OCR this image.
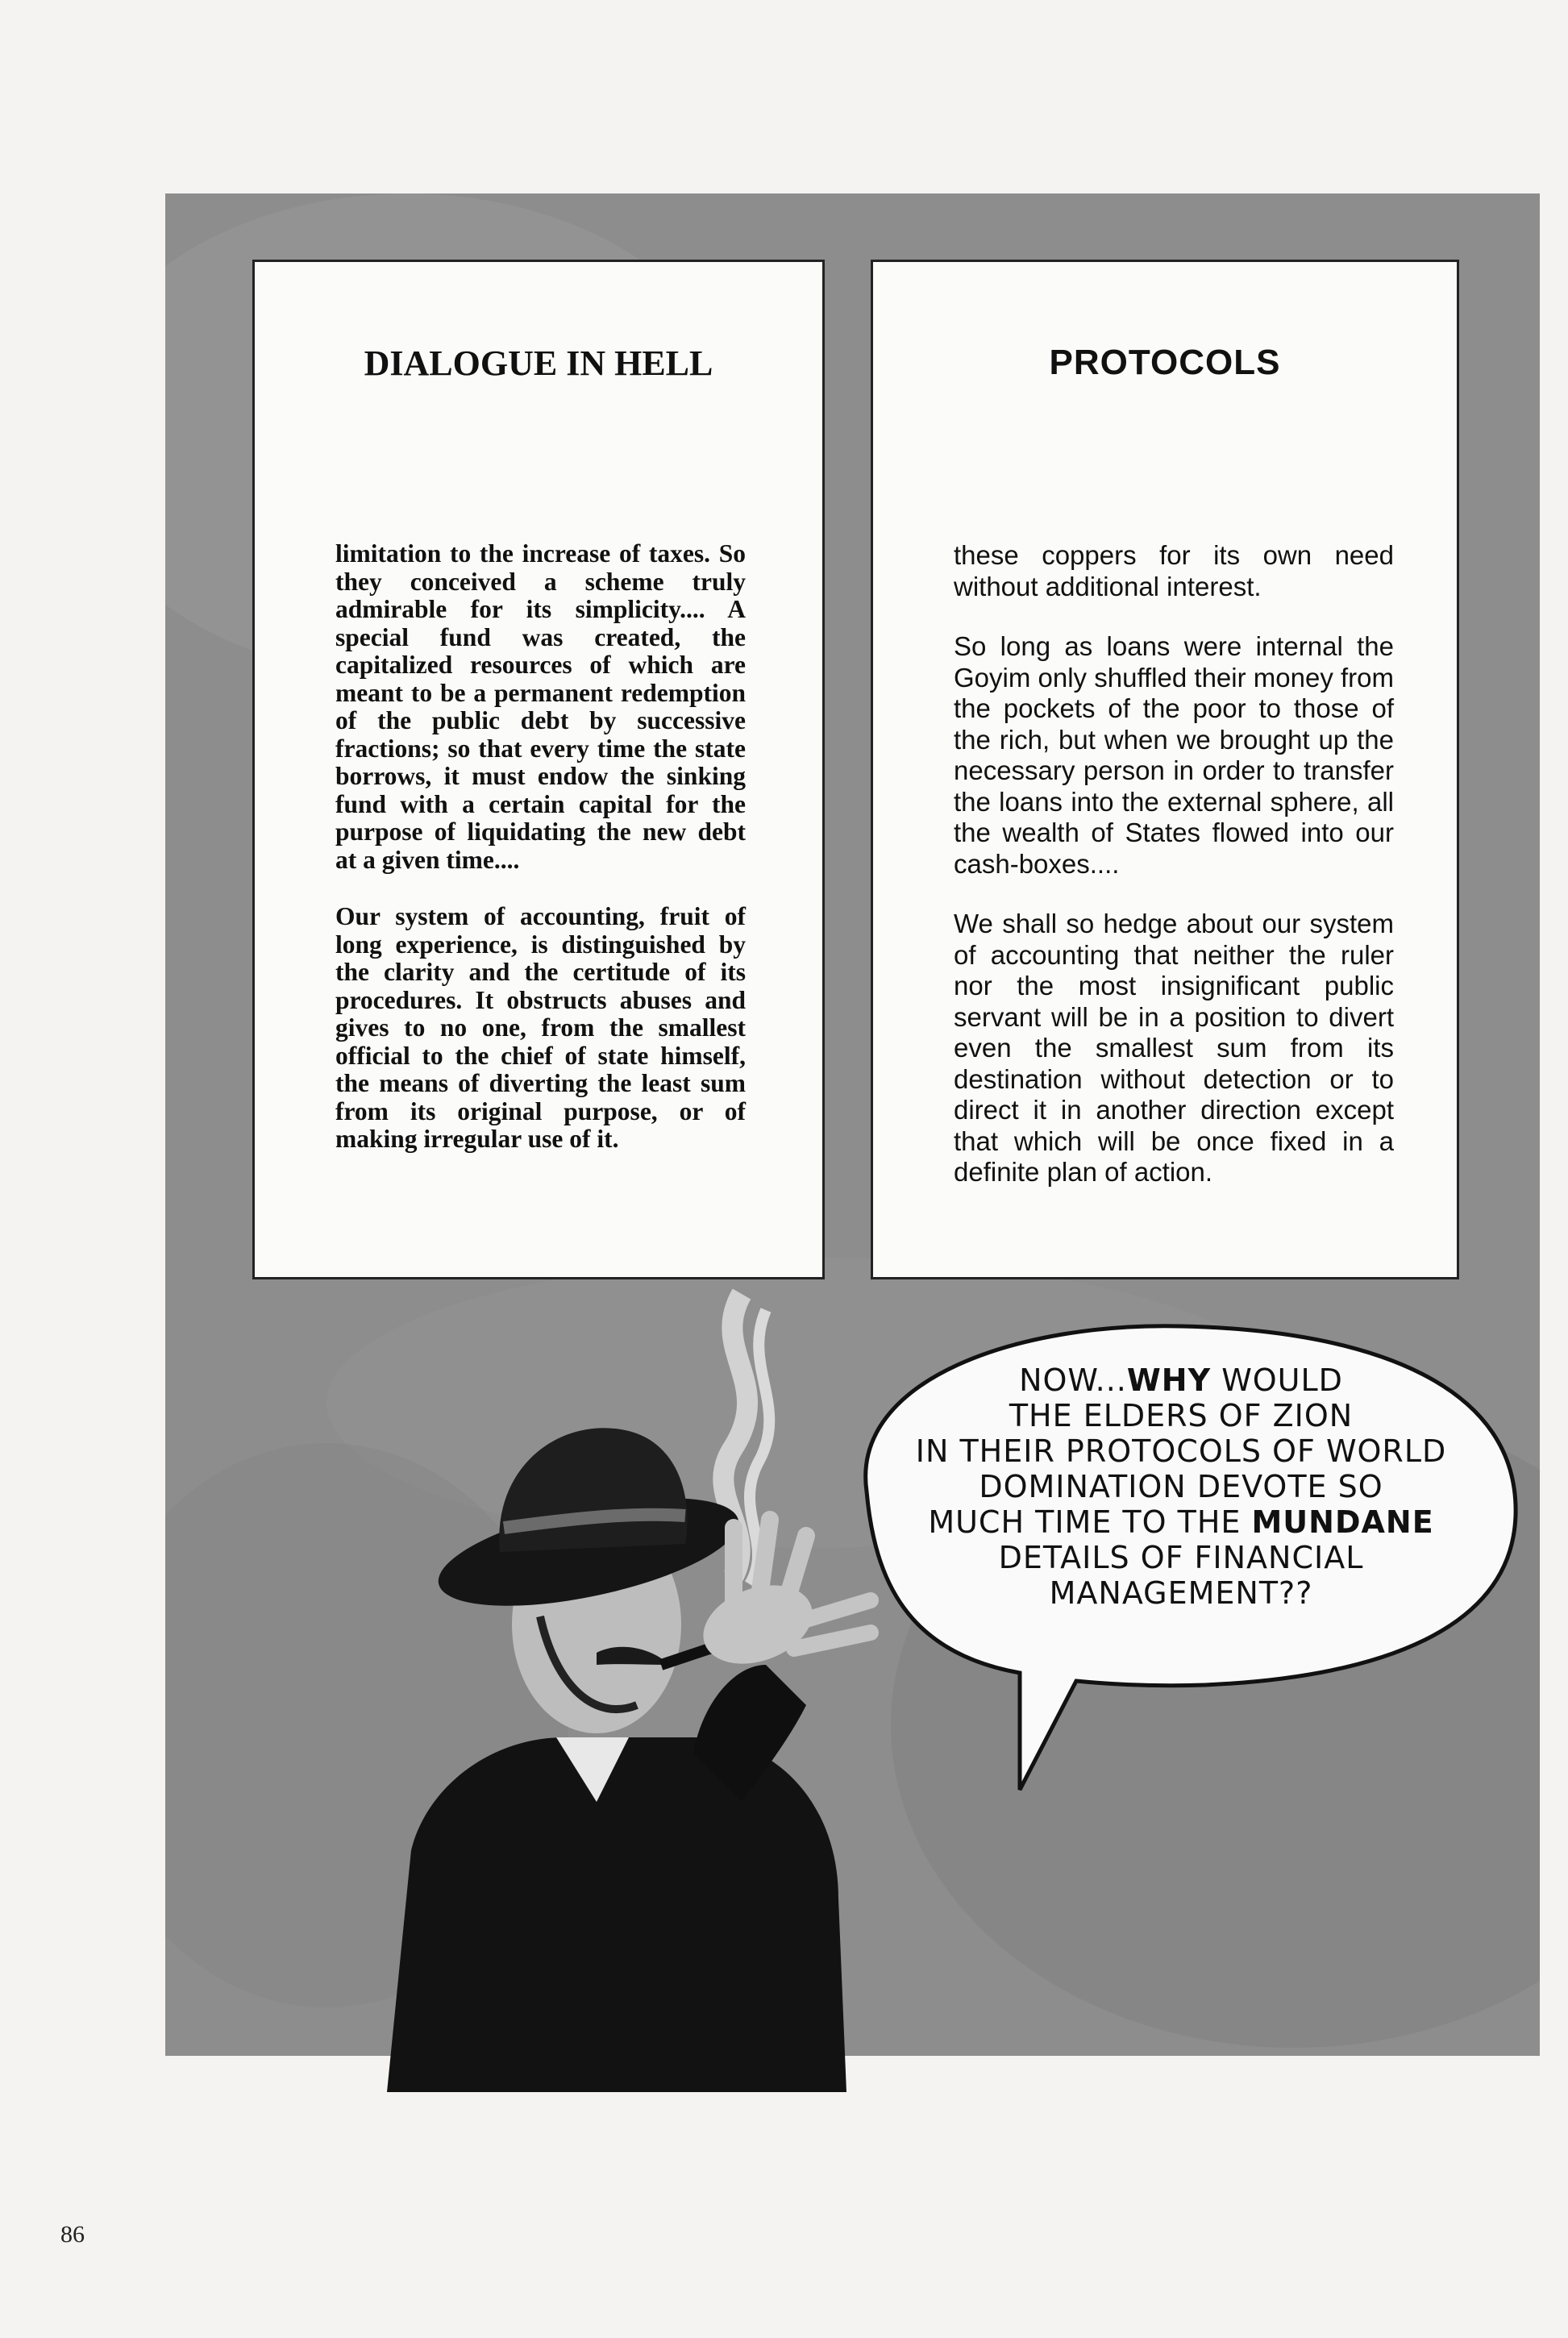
DIALOGUE IN HELL

limitation to the increase of taxes. So they conceived a scheme truly admirable for its simplicity.... A special fund was created, the capitalized resources of which are meant to be a permanent redemption of the public debt by successive fractions; so that every time the state borrows, it must endow the sinking fund with a certain capital for the purpose of liquidating the new debt at a given time....

Our system of accounting, fruit of long experience, is distinguished by the clarity and the certitude of its procedures. It obstructs abuses and gives to no one, from the smallest official to the chief of state himself, the means of diverting the least sum from its original purpose, or of making irregular use of it.

PROTOCOLS

these coppers for its own need without additional interest.

So long as loans were internal the Goyim only shuffled their money from the pockets of the poor to those of the rich, but when we brought up the necessary person in order to transfer the loans into the external sphere, all the wealth of States flowed into our cash-boxes....

We shall so hedge about our system of accounting that neither the ruler nor the most insignificant public servant will be in a position to divert even the smallest sum from its destination without detection or to direct it in another direction except that which will be once fixed in a definite plan of action.

NOW...WHY WOULD
THE ELDERS OF ZION
IN THEIR PROTOCOLS OF WORLD
DOMINATION DEVOTE SO
MUCH TIME TO THE MUNDANE
DETAILS OF FINANCIAL
MANAGEMENT??
86
